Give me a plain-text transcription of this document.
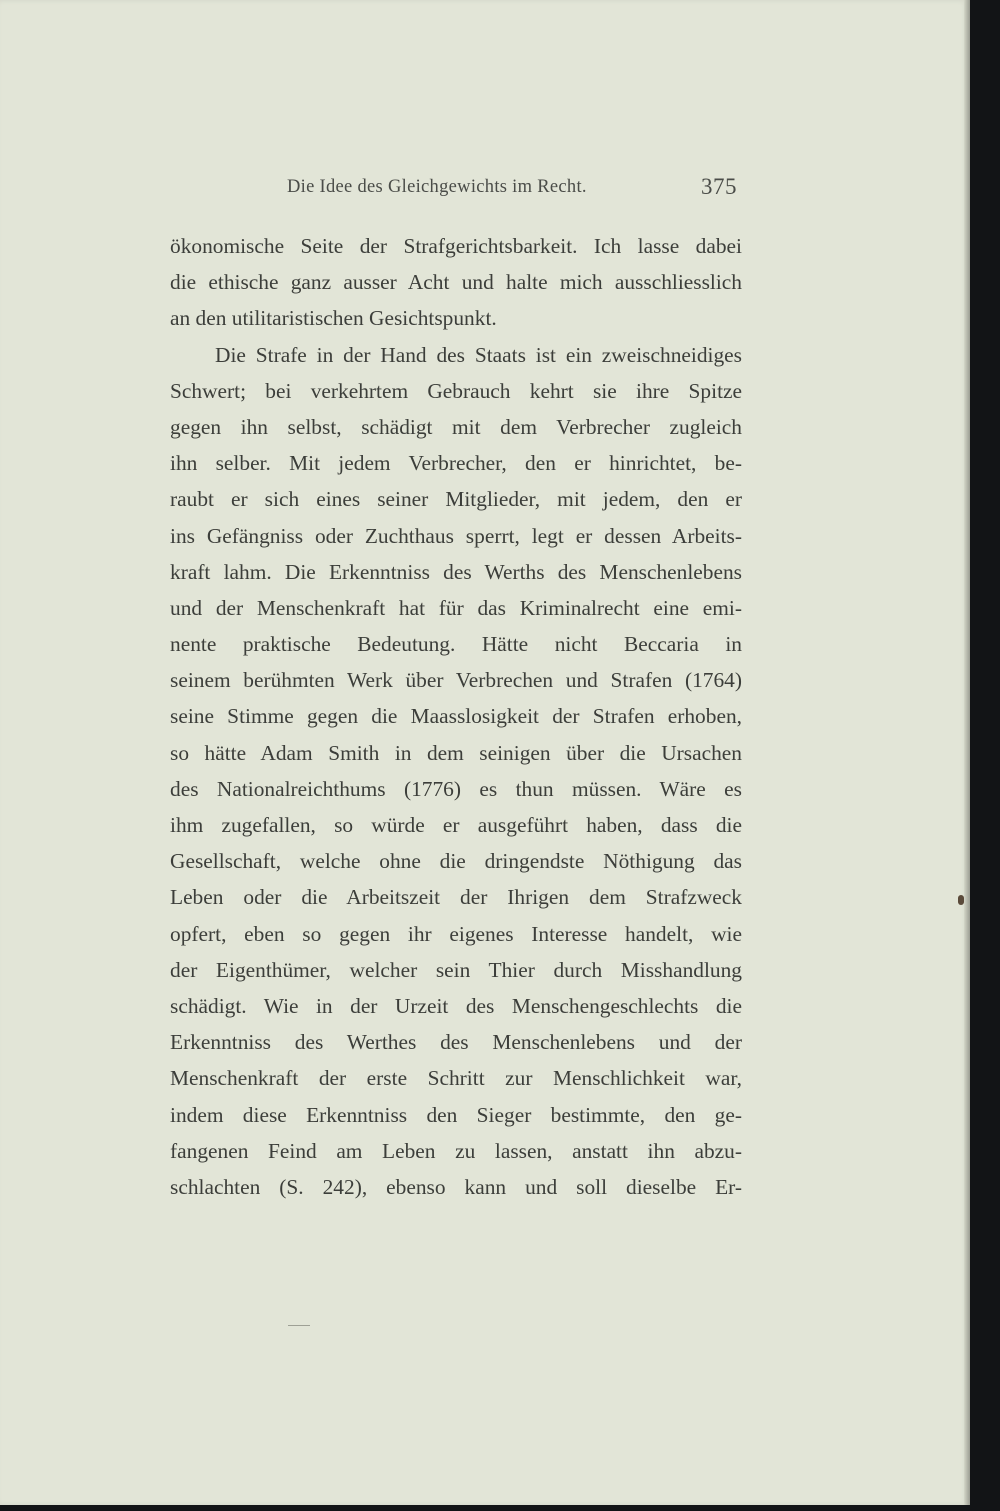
Die Idee des Gleichgewichts im Recht.	375
ökonomische Seite der Strafgerichtsbarkeit. Ich lasse dabei
die ethische ganz ausser Acht und halte mich ausschliesslich
an den utilitaristischen Gesichtspunkt.
Die Strafe in der Hand des Staats ist ein zweischneidiges
Schwert; bei verkehrtem Gebrauch kehrt sie ihre Spitze
gegen ihn selbst, schädigt mit dem Verbrecher zugleich
ihn selber. Mit jedem Verbrecher, den er hinrichtet, be-
raubt er sich eines seiner Mitglieder, mit jedem, den er
ins Gefängniss oder Zuchthaus sperrt, legt er dessen Arbeits-
kraft lahm. Die Erkenntniss des Werths des Menschenlebens
und der Menschenkraft hat für das Kriminalrecht eine emi-
nente praktische Bedeutung. Hätte nicht Beccaria in
seinem berühmten Werk über Verbrechen und Strafen (1764)
seine Stimme gegen die Maasslosigkeit der Strafen erhoben,
so hätte Adam Smith in dem seinigen über die Ursachen
des Nationalreichthums (1776) es thun müssen. Wäre es
ihm zugefallen, so würde er ausgeführt haben, dass die
Gesellschaft, welche ohne die dringendste Nöthigung das
Leben oder die Arbeitszeit der Ihrigen dem Strafzweck
opfert, eben so gegen ihr eigenes Interesse handelt, wie
der Eigenthümer, welcher sein Thier durch Misshandlung
schädigt. Wie in der Urzeit des Menschengeschlechts die
Erkenntniss des Werthes des Menschenlebens und der
Menschenkraft der erste Schritt zur Menschlichkeit war,
indem diese Erkenntniss den Sieger bestimmte, den ge-
fangenen Feind am Leben zu lassen, anstatt ihn abzu-
schlachten (S. 242), ebenso kann und soll dieselbe Er-
